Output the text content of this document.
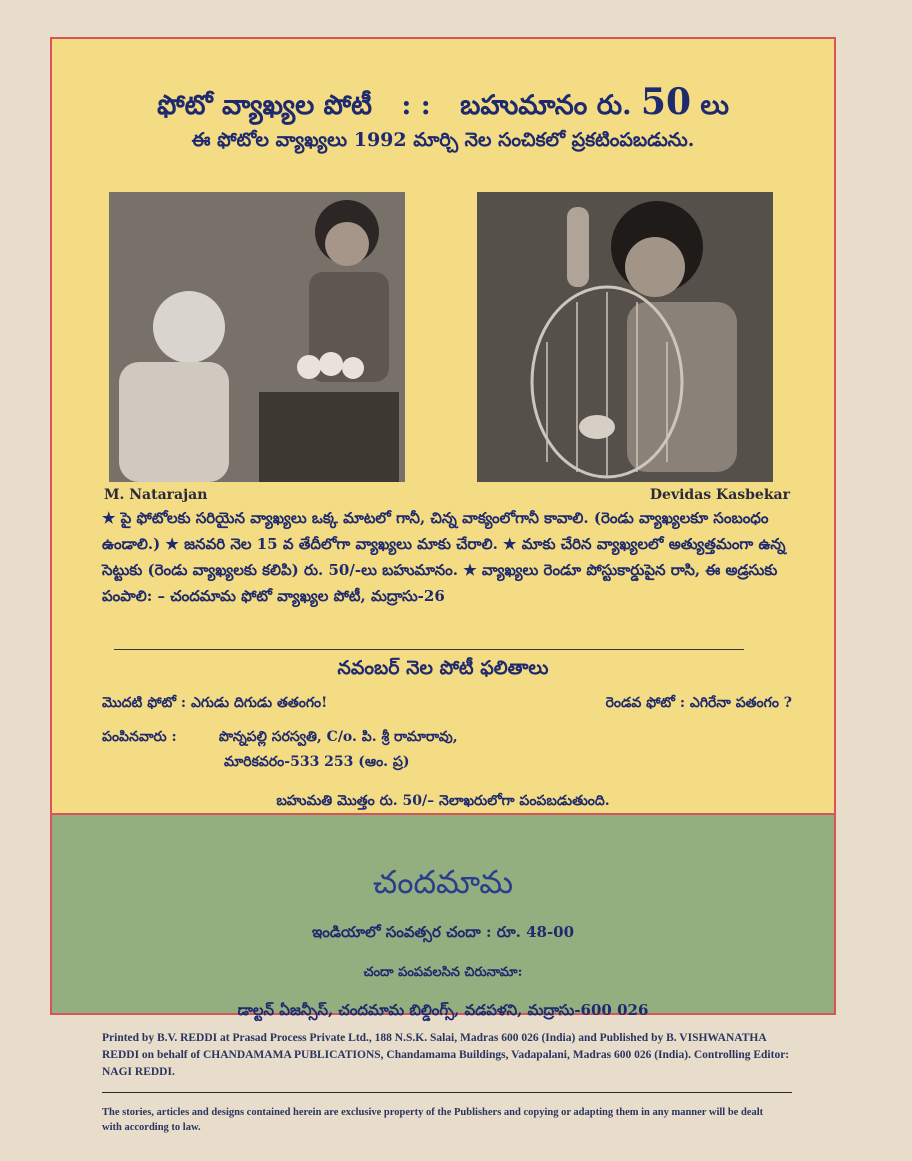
ఫోటో వ్యాఖ్యల పోటీ : : బహుమానం రు. 50 లు
ఈ ఫోటోల వ్యాఖ్యలు 1992 మార్చి నెల సంచికలో ప్రకటింపబడును.
M. Natarajan	Devidas Kasbekar
★ పై ఫోటోలకు సరియైన వ్యాఖ్యలు ఒక్క మాటలో గానీ, చిన్న వాక్యంలోగానీ కావాలి. (రెండు వ్యాఖ్యలకూ సంబంధం ఉండాలి.) ★ జనవరి నెల 15 వ తేదీలోగా వ్యాఖ్యలు మాకు చేరాలి. ★ మాకు చేరిన వ్యాఖ్యలలో అత్యుత్తమంగా ఉన్న సెట్టుకు (రెండు వ్యాఖ్యలకు కలిపి) రు. 50/-లు బహుమానం. ★ వ్యాఖ్యలు రెండూ పోస్టుకార్డుపైన రాసి, ఈ అడ్రసుకు పంపాలి: – చందమామ ఫోటో వ్యాఖ్యల పోటీ, మద్రాసు-26
నవంబర్ నెల పోటీ ఫలితాలు
మొదటి ఫోటో : ఎగుడు దిగుడు తతంగం!	రెండవ ఫోటో : ఎగిరేనా పతంగం ?
పంపినవారు :	పొన్నపల్లి సరస్వతి, C/o. పి. శ్రీ రామారావు,
మారికవరం-533 253 (ఆం. ప్ర)
బహుమతి మొత్తం రు. 50/– నెలాఖరులోగా పంపబడుతుంది.
చందమామ
ఇండియాలో సంవత్సర చందా : రూ. 48-00
చందా పంపవలసిన చిరునామా:
డాల్టన్ ఏజన్సీస్, చందమామ బిల్డింగ్స్, వడపళని, మద్రాసు-600 026
Printed by B.V. REDDI at Prasad Process Private Ltd., 188 N.S.K. Salai, Madras 600 026 (India) and Published by B. VISHWANATHA REDDI on behalf of CHANDAMAMA PUBLICATIONS, Chandamama Buildings, Vadapalani, Madras 600 026 (India). Controlling Editor: NAGI REDDI.
The stories, articles and designs contained herein are exclusive property of the Publishers and copying or adapting them in any manner will be dealt with according to law.
